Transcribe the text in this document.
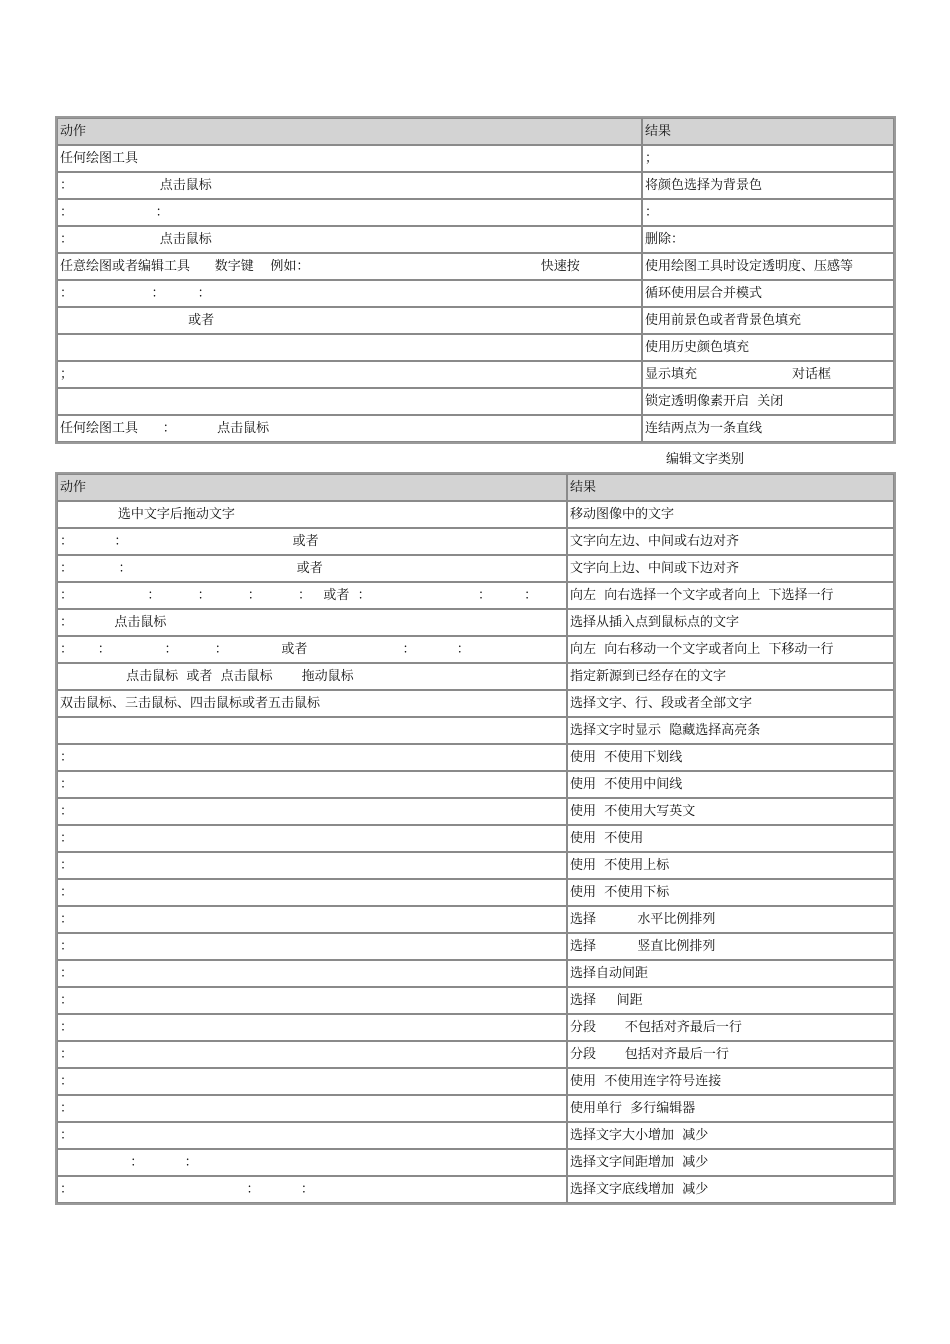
动作	结果
任何绘图工具	；
：                     点击鼠标	将颜色选择为背景色
：                    ：	：
：                     点击鼠标	删除：
任意绘图或者编辑工具      数字键    例如：                                                        快速按	使用绘图工具时设定透明度、压感等
：                   ：        ：	循环使用层合并模式
或者	使用前景色或者背景色填充
	使用历史颜色填充
；	显示填充                       对话框
	锁定透明像素开启  关闭
任何绘图工具      ：          点击鼠标	连结两点为一条直线
编辑文字类别
动作	结果
选中文字后拖动文字	移动图像中的文字
：          ：                                        或者	文字向左边、中间或右边对齐
：           ：                                        或者	文字向上边、中间或下边对齐
：                  ：         ：         ：         ：   或者  ：                          ：        ：	向左  向右选择一个文字或者向上  下选择一行
：          点击鼠标	选择从插入点到鼠标点的文字
：      ：             ：         ：             或者                       ：          ：	向左  向右移动一个文字或者向上  下移动一行
点击鼠标  或者  点击鼠标       拖动鼠标	指定新源到已经存在的文字
双击鼠标、三击鼠标、四击鼠标或者五击鼠标	选择文字、行、段或者全部文字
	选择文字时显示  隐藏选择高亮条
：	使用  不使用下划线
：	使用  不使用中间线
：	使用  不使用大写英文
：	使用  不使用
：	使用  不使用上标
：	使用  不使用下标
：	选择          水平比例排列
：	选择          竖直比例排列
：	选择自动间距
：	选择     间距
：	分段       不包括对齐最后一行
：	分段       包括对齐最后一行
：	使用  不使用连字符号连接
：	使用单行  多行编辑器
：	选择文字大小增加  减少
：          ：	选择文字间距增加  减少
：                                          ：          ：	选择文字底线增加  减少
